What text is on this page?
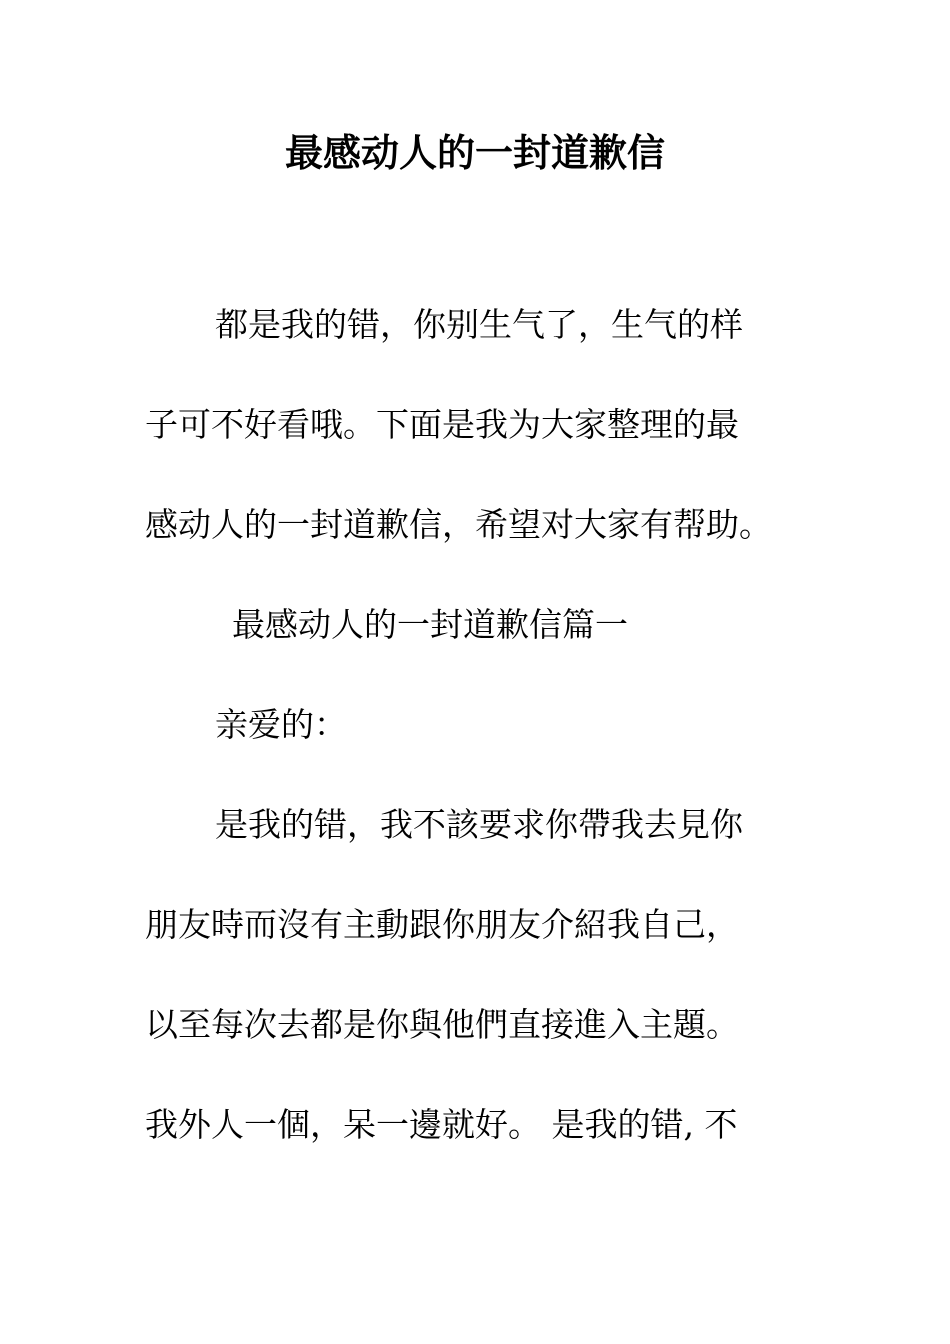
最感动人的一封道歉信
都是我的错，你别生气了，生气的样
子可不好看哦。下面是我为大家整理的最
感动人的一封道歉信，希望对大家有帮助。
最感动人的一封道歉信篇一
亲爱的：
是我的错，我不該要求你帶我去見你
朋友時而沒有主動跟你朋友介紹我自己，
以至每次去都是你與他們直接進入主題。
我外人一個，呆一邊就好。 是我的错, 不
